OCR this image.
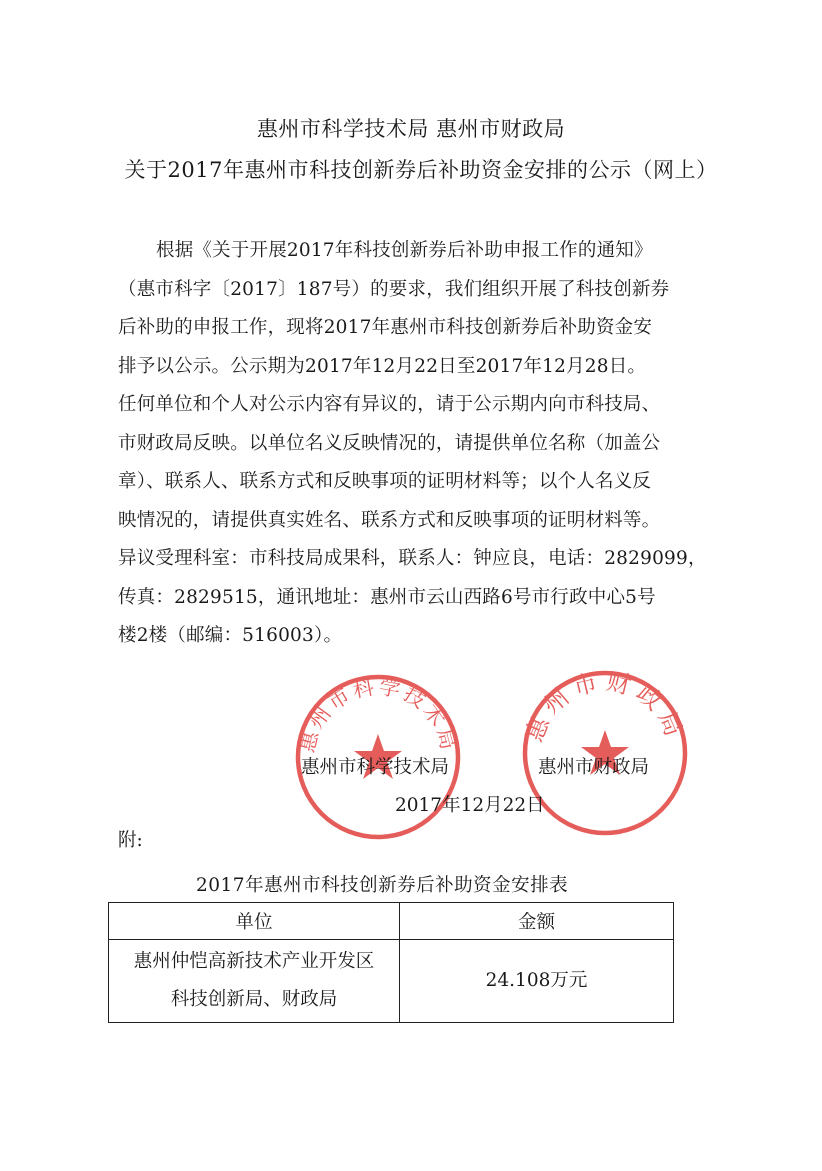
惠州市科学技术局 惠州市财政局
关于2017年惠州市科技创新券后补助资金安排的公示（网上）
根据《关于开展2017年科技创新券后补助申报工作的通知》
（惠市科字〔2017〕187号）的要求，我们组织开展了科技创新券
后补助的申报工作，现将2017年惠州市科技创新券后补助资金安
排予以公示。公示期为2017年12月22日至2017年12月28日。
任何单位和个人对公示内容有异议的，请于公示期内向市科技局、
市财政局反映。以单位名义反映情况的，请提供单位名称（加盖公
章）、联系人、联系方式和反映事项的证明材料等；以个人名义反
映情况的，请提供真实姓名、联系方式和反映事项的证明材料等。
异议受理科室：市科技局成果科，联系人：钟应良，电话：2829099，
传真：2829515，通讯地址：惠州市云山西路6号市行政中心5号
楼2楼（邮编：516003）。
惠州市科学技术局 惠州市财政局
惠州市科学技术局	惠州市财政局
2017年12月22日
附:
2017年惠州市科技创新券后补助资金安排表
单位	金额

惠州仲恺高新技术产业开发区
科技创新局、财政局	24.108万元
